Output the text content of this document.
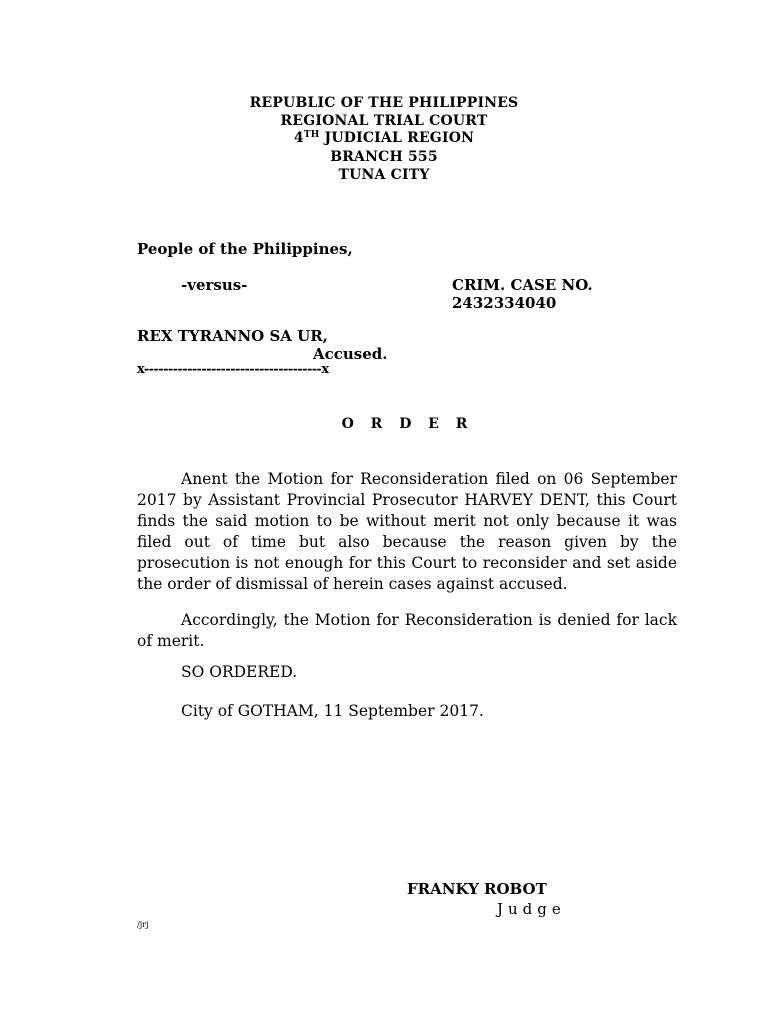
REPUBLIC OF THE PHILIPPINES
REGIONAL TRIAL COURT
4TH JUDICIAL REGION
BRANCH 555
TUNA CITY
People of the Philippines,
-versus-	CRIM. CASE NO.
2432334040
REX TYRANNO SA UR,
Accused.
x-------------------------------------x
O R D E R
Anent the Motion for Reconsideration filed on 06 September 2017 by Assistant Provincial Prosecutor HARVEY DENT, this Court finds the said motion to be without merit not only because it was filed out of time but also because the reason given by the prosecution is not enough for this Court to reconsider and set aside the order of dismissal of herein cases against accused.
Accordingly, the Motion for Reconsideration is denied for lack of merit.
SO ORDERED.
City of GOTHAM, 11 September 2017.
FRANKY ROBOT
Judge
/jrj
